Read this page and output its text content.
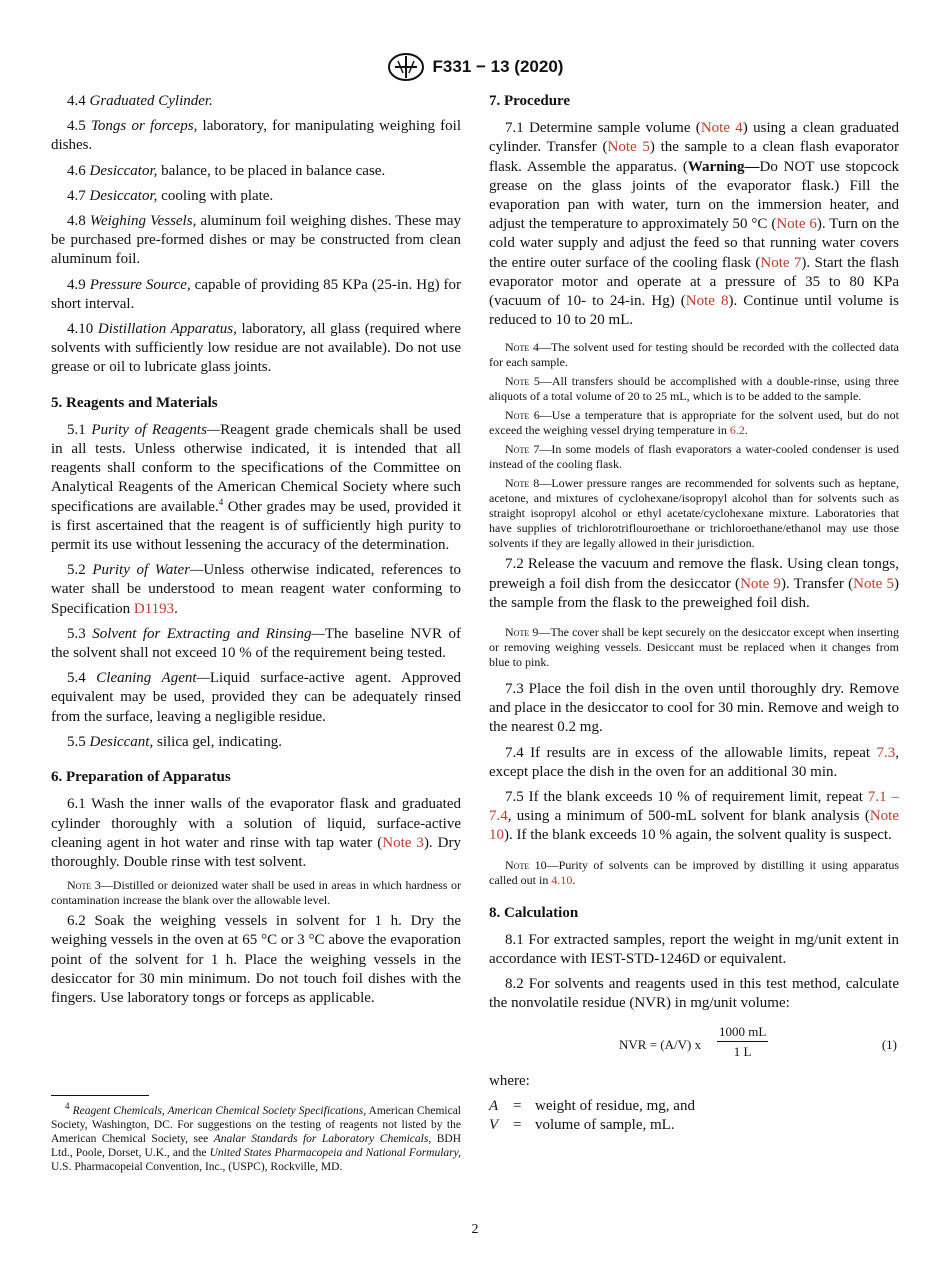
F331 − 13 (2020)

4.4 Graduated Cylinder.

4.5 Tongs or forceps, laboratory, for manipulating weighing foil dishes.

4.6 Desiccator, balance, to be placed in balance case.

4.7 Desiccator, cooling with plate.

4.8 Weighing Vessels, aluminum foil weighing dishes. These may be purchased pre-formed dishes or may be constructed from clean aluminum foil.

4.9 Pressure Source, capable of providing 85 KPa (25-in. Hg) for short interval.

4.10 Distillation Apparatus, laboratory, all glass (required where solvents with sufficiently low residue are not available). Do not use grease or oil to lubricate glass joints.

5. Reagents and Materials

5.1 Purity of Reagents—Reagent grade chemicals shall be used in all tests. Unless otherwise indicated, it is intended that all reagents shall conform to the specifications of the Committee on Analytical Reagents of the American Chemical Society where such specifications are available.$^4$ Other grades may be used, provided it is first ascertained that the reagent is of sufficiently high purity to permit its use without lessening the accuracy of the determination.

5.2 Purity of Water—Unless otherwise indicated, references to water shall be understood to mean reagent water conforming to Specification D1193.

5.3 Solvent for Extracting and Rinsing—The baseline NVR of the solvent shall not exceed 10 % of the requirement being tested.

5.4 Cleaning Agent—Liquid surface-active agent. Approved equivalent may be used, provided they can be adequately rinsed from the surface, leaving a negligible residue.

5.5 Desiccant, silica gel, indicating.

6. Preparation of Apparatus

6.1 Wash the inner walls of the evaporator flask and graduated cylinder thoroughly with a solution of liquid, surface-active cleaning agent in hot water and rinse with tap water (Note 3). Dry thoroughly. Double rinse with test solvent.

Note 3—Distilled or deionized water shall be used in areas in which hardness or contamination increase the blank over the allowable level.

6.2 Soak the weighing vessels in solvent for 1 h. Dry the weighing vessels in the oven at 65 °C or 3 °C above the evaporation point of the solvent for 1 h. Place the weighing vessels in the desiccator for 30 min minimum. Do not touch foil dishes with the fingers. Use laboratory tongs or forceps as applicable.

$^4$ Reagent Chemicals, American Chemical Society Specifications, American Chemical Society, Washington, DC. For suggestions on the testing of reagents not listed by the American Chemical Society, see Analar Standards for Laboratory Chemicals, BDH Ltd., Poole, Dorset, U.K., and the United States Pharmacopeia and National Formulary, U.S. Pharmacopeial Convention, Inc., (USPC), Rockville, MD.
7. Procedure

7.1 Determine sample volume (Note 4) using a clean graduated cylinder. Transfer (Note 5) the sample to a clean flash evaporator flask. Assemble the apparatus. (Warning—Do NOT use stopcock grease on the glass joints of the evaporator flask.) Fill the evaporation pan with water, turn on the immersion heater, and adjust the temperature to approximately 50 °C (Note 6). Turn on the cold water supply and adjust the feed so that running water covers the entire outer surface of the cooling flask (Note 7). Start the flash evaporator motor and operate at a pressure of 35 to 80 KPa (vacuum of 10- to 24-in. Hg) (Note 8). Continue until volume is reduced to 10 to 20 mL.

Note 4—The solvent used for testing should be recorded with the collected data for each sample.
Note 5—All transfers should be accomplished with a double-rinse, using three aliquots of a total volume of 20 to 25 mL, which is to be added to the sample.
Note 6—Use a temperature that is appropriate for the solvent used, but do not exceed the weighing vessel drying temperature in 6.2.
Note 7—In some models of flash evaporators a water-cooled condenser is used instead of the cooling flask.
Note 8—Lower pressure ranges are recommended for solvents such as heptane, acetone, and mixtures of cyclohexane/isopropyl alcohol than for solvents such as straight isopropyl alcohol or ethyl acetate/cyclohexane mixture. Laboratories that have supplies of trichlorotriflouroethane or trichloroethane/ethanol may use those solvents if they are legally allowed in their jurisdiction.

7.2 Release the vacuum and remove the flask. Using clean tongs, preweigh a foil dish from the desiccator (Note 9). Transfer (Note 5) the sample from the flask to the preweighed foil dish.

Note 9—The cover shall be kept securely on the desiccator except when inserting or removing weighing vessels. Desiccant must be replaced when it changes from blue to pink.

7.3 Place the foil dish in the oven until thoroughly dry. Remove and place in the desiccator to cool for 30 min. Remove and weigh to the nearest 0.2 mg.

7.4 If results are in excess of the allowable limits, repeat 7.3, except place the dish in the oven for an additional 30 min.

7.5 If the blank exceeds 10 % of requirement limit, repeat 7.1 – 7.4, using a minimum of 500-mL solvent for blank analysis (Note 10). If the blank exceeds 10 % again, the solvent quality is suspect.

Note 10—Purity of solvents can be improved by distilling it using apparatus called out in 4.10.
8. Calculation

8.1 For extracted samples, report the weight in mg/unit extent in accordance with IEST-STD-1246D or equivalent.

8.2 For solvents and reagents used in this test method, calculate the nonvolatile residue (NVR) in mg/unit volume:

NVR = (A/V) x $\frac{1000 mL}{1 L}$	(1)

where:

A = weight of residue, mg, and
V = volume of sample, mL.
2
